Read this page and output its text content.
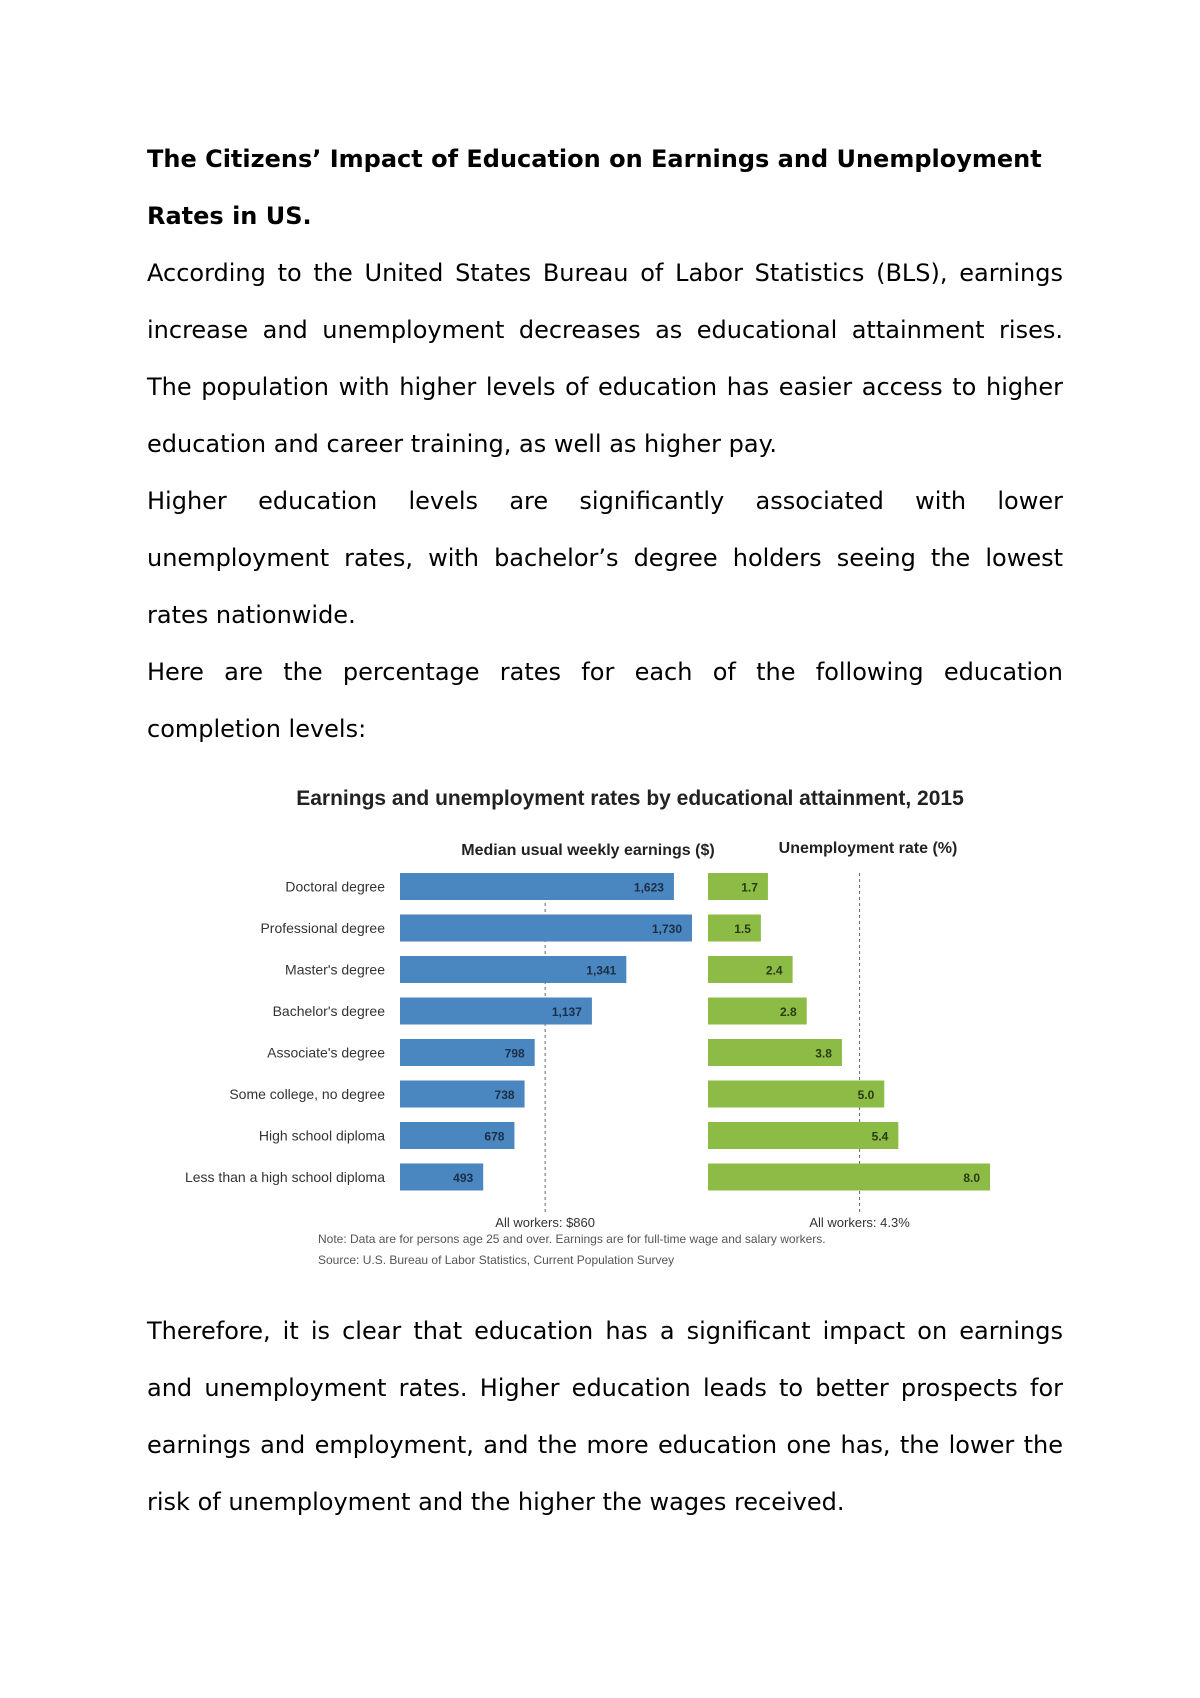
The Citizens’ Impact of Education on Earnings and Unemployment Rates in US.

According to the United States Bureau of Labor Statistics (BLS), earnings increase and unemployment decreases as educational attainment rises. The population with higher levels of education has easier access to higher education and career training, as well as higher pay.

Higher education levels are significantly associated with lower unemployment rates, with bachelor’s degree holders seeing the lowest rates nationwide.

Here are the percentage rates for each of the following education completion levels:

Earnings and unemployment rates by educational attainment, 2015
Median usual weekly earnings ($)	Unemployment rate (%)
Doctoral degree
Professional degree
Master's degree
Bachelor's degree
Associate's degree
Some college, no degree
High school diploma
Less than a high school diploma
All workers: $860
1,623
1,730
1,341
1,137
798
738
678
493
All workers: 4.3%
1.7
1.5
2.4
2.8
3.8
5.0
5.4
8.0
Note: Data are for persons age 25 and over. Earnings are for full-time wage and salary workers.
Source: U.S. Bureau of Labor Statistics, Current Population Survey

Therefore, it is clear that education has a significant impact on earnings and unemployment rates. Higher education leads to better prospects for earnings and employment, and the more education one has, the lower the risk of unemployment and the higher the wages received.
